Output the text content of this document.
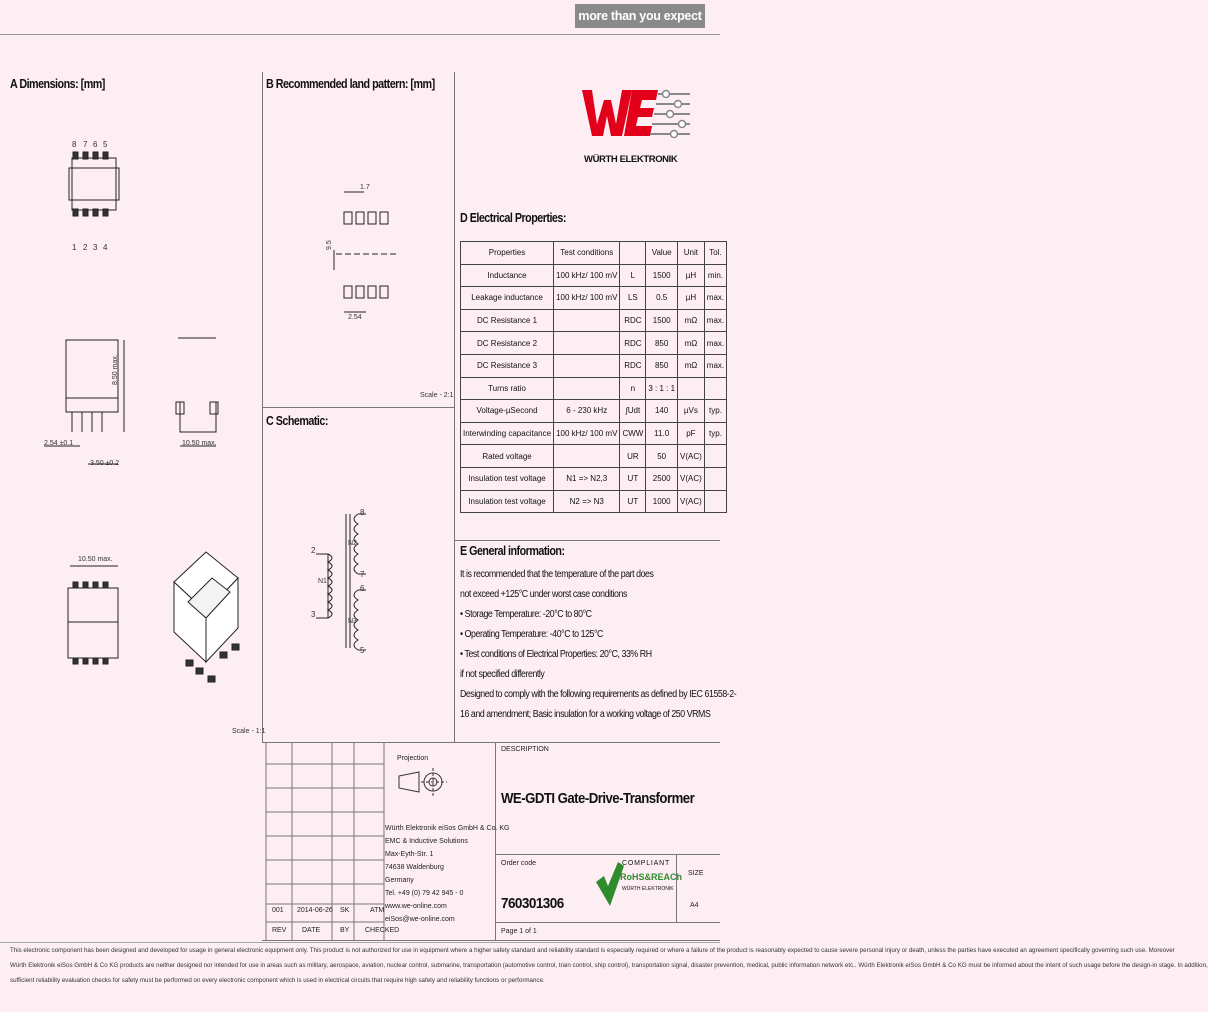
more than you expect
A Dimensions: [mm]	B Recommended land pattern: [mm]
C Schematic:
D Electrical Properties:
E General information:
WÜRTH ELEKTRONIK
8 7 6 5
1 2 3 4
2.54 ±0.1
3.50 ±0.2
10.50 max.
10.50 max.
8.50 max.
Scale - 1:1
1.7
2.54
9.5
Scale - 2:1
2
3
8
7
6
5
N1
N2
N3
Properties	Test conditions		Value	Unit	Tol.
Inductance	100 kHz/ 100 mV	L	1500	µH	min.
Leakage inductance	100 kHz/ 100 mV	LS	0.5	µH	max.
DC Resistance 1		RDC	1500	mΩ	max.
DC Resistance 2		RDC	850	mΩ	max.
DC Resistance 3		RDC	850	mΩ	max.
Turns ratio		n	3 : 1 : 1		
Voltage-µSecond	6 - 230 kHz	∫Udt	140	µVs	typ.
Interwinding capacitance	100 kHz/ 100 mV	CWW	11.0	pF	typ.
Rated voltage		UR	50	V(AC)	
Insulation test voltage	N1 => N2,3	UT	2500	V(AC)	
Insulation test voltage	N2 => N3	UT	1000	V(AC)	
It is recommended that the temperature of the part does
not exceed +125°C under worst case conditions
• Storage Temperature: -20°C to 80°C
• Operating Temperature: -40°C to 125°C
• Test conditions of Electrical Properties: 20°C, 33% RH
if not specified differently
Designed to comply with the following requirements as defined by IEC 61558-2-
16 and amendment; Basic insulation for a working voltage of 250 VRMS
001 2014-06-26 SK	ATM
REV DATE	BY CHECKED
Projection
Würth Elektronik eiSos GmbH & Co. KG
EMC & Inductive Solutions
Max-Eyth-Str. 1
74638 Waldenburg
Germany
Tel. +49 (0) 79 42 945 - 0
www.we-online.com
eiSos@we-online.com
DESCRIPTION
WE-GDTI Gate-Drive-Transformer
Order code
760301306
SIZE
A4
Page 1 of 1
COMPLIANT
RoHS&REACh
WÜRTH ELEKTRONIK
This electronic component has been designed and developed for usage in general electronic equipment only. This product is not authorized for use in equipment where a higher safety standard and reliability standard is especially required or where a failure of the product is reasonably expected to cause severe personal injury or death, unless the parties have executed an agreement specifically governing such use. Moreover
Würth Elektronik eiSos GmbH & Co KG products are neither designed nor intended for use in areas such as military, aerospace, aviation, nuclear control, submarine, transportation (automotive control, train control, ship control), transportation signal, disaster prevention, medical, public information network etc.. Würth Elektronik eiSos GmbH & Co KG must be informed about the intent of such usage before the design-in stage. In addition,
sufficient reliability evaluation checks for safety must be performed on every electronic component which is used in electrical circuits that require high safety and reliability functions or performance.
